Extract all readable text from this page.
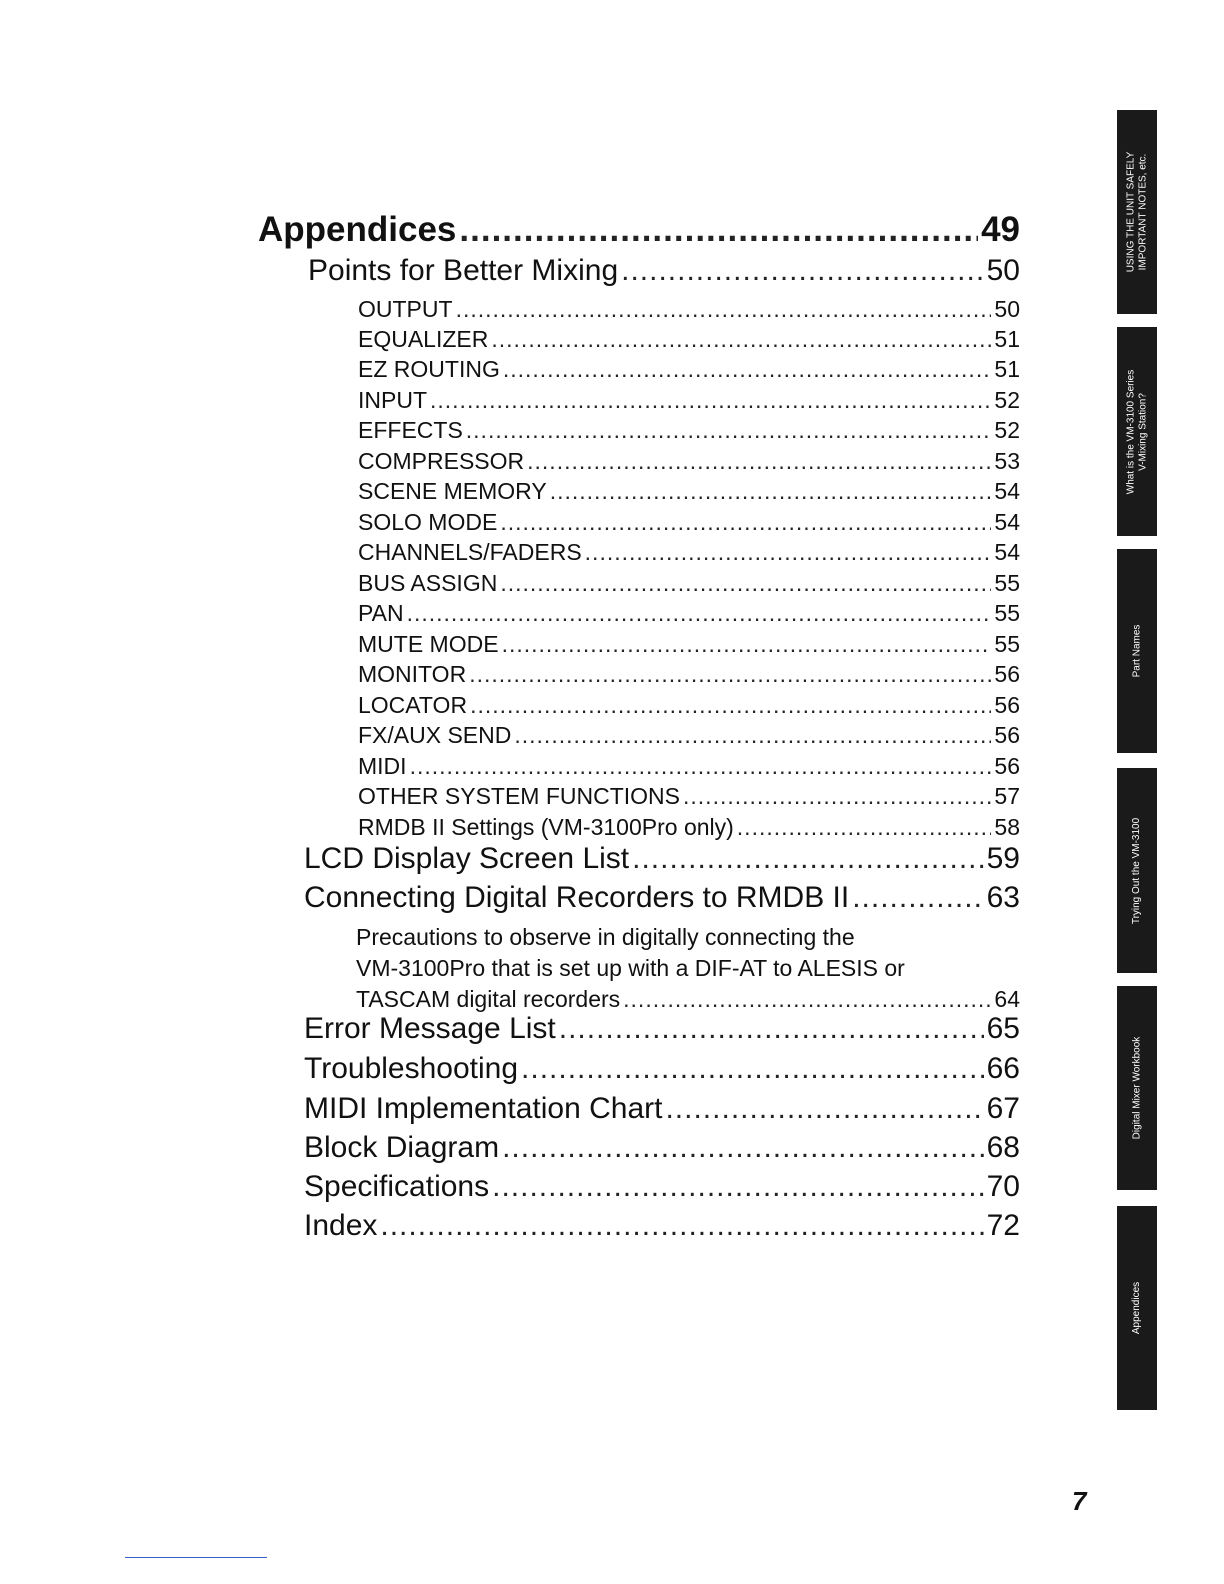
Appendices .....	49
Points for Better Mixing .....	50
OUTPUT .....	50
EQUALIZER .....	51
EZ ROUTING .....	51
INPUT .....	52
EFFECTS .....	52
COMPRESSOR .....	53
SCENE MEMORY .....	54
SOLO MODE .....	54
CHANNELS/FADERS .....	54
BUS ASSIGN .....	55
PAN .....	55
MUTE MODE .....	55
MONITOR .....	56
LOCATOR .....	56
FX/AUX SEND .....	56
MIDI .....	56
OTHER SYSTEM FUNCTIONS .....	57
RMDB II Settings (VM-3100Pro only) .....	58
LCD Display Screen List .....	59
Connecting Digital Recorders to RMDB II .....	63
Precautions to observe in digitally connecting the
VM-3100Pro that is set up with a DIF-AT to ALESIS or
TASCAM digital recorders .....	64
Error Message List .....	65
Troubleshooting .....	66
MIDI Implementation Chart .....	67
Block Diagram .....	68
Specifications .....	70
Index .....	72
USING THE UNIT SAFELY IMPORTANT NOTES, etc.
What is the VM-3100 Series V-Mixing Station?
Part Names
Trying Out the VM-3100
Digital Mixer Workbook
Appendices
7
